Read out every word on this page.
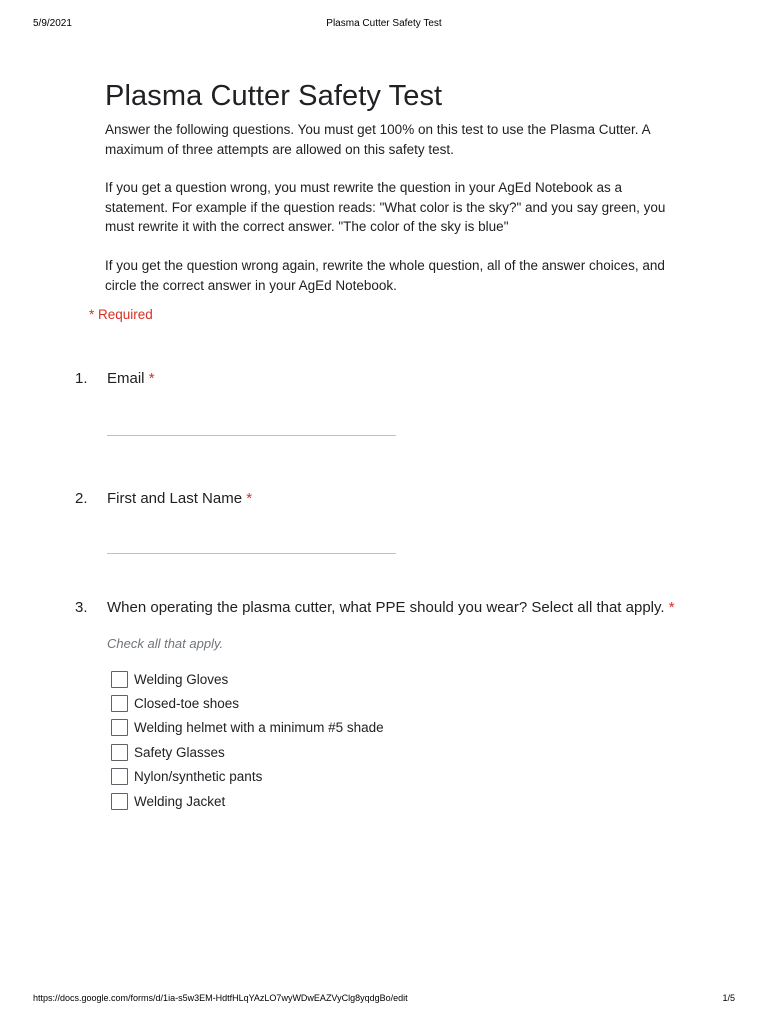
5/9/2021	Plasma Cutter Safety Test
Plasma Cutter Safety Test

Answer the following questions. You must get 100% on this test to use the Plasma Cutter. A maximum of three attempts are allowed on this safety test.

If you get a question wrong, you must rewrite the question in your AgEd Notebook as a statement. For example if the question reads: "What color is the sky?" and you say green, you must rewrite it with the correct answer. "The color of the sky is blue"

If you get the question wrong again, rewrite the whole question, all of the answer choices, and circle the correct answer in your AgEd Notebook.

* Required
1. Email *
2. First and Last Name *
3. When operating the plasma cutter, what PPE should you wear? Select all that apply. *
Check all that apply.
Welding Gloves
Closed-toe shoes
Welding helmet with a minimum #5 shade
Safety Glasses
Nylon/synthetic pants
Welding Jacket
https://docs.google.com/forms/d/1ia-s5w3EM-HdtfHLqYAzLO7wyWDwEAZVyClg8yqdgBo/edit	1/5
